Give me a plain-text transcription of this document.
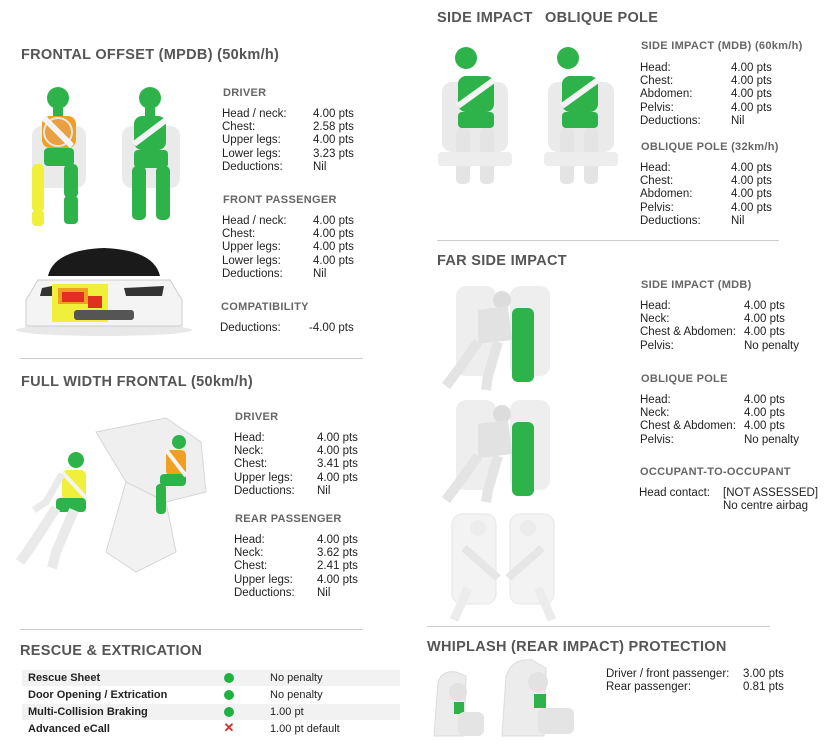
FRONTAL OFFSET (MPDB) (50km/h)
DRIVER
Head / neck:	4.00 pts
Chest:	2.58 pts
Upper legs:	4.00 pts
Lower legs:	3.23 pts
Deductions:	Nil
FRONT PASSENGER
Head / neck:	4.00 pts
Chest:	4.00 pts
Upper legs:	4.00 pts
Lower legs:	4.00 pts
Deductions:	Nil
COMPATIBILITY
Deductions:	-4.00 pts
FULL WIDTH FRONTAL (50km/h)
DRIVER
Head:	4.00 pts
Neck:	4.00 pts
Chest:	3.41 pts
Upper legs:	4.00 pts
Deductions:	Nil
REAR PASSENGER
Head:	4.00 pts
Neck:	3.62 pts
Chest:	2.41 pts
Upper legs:	4.00 pts
Deductions:	Nil
RESCUE & EXTRICATION
Rescue Sheet		No penalty
Door Opening / Extrication		No penalty
Multi-Collision Braking		1.00 pt
Advanced eCall	✕	1.00 pt default
SIDE IMPACT OBLIQUE POLE
SIDE IMPACT (MDB) (60km/h)
Head:	4.00 pts
Chest:	4.00 pts
Abdomen:	4.00 pts
Pelvis:	4.00 pts
Deductions:	Nil
OBLIQUE POLE (32km/h)
Head:	4.00 pts
Chest:	4.00 pts
Abdomen:	4.00 pts
Pelvis:	4.00 pts
Deductions:	Nil
FAR SIDE IMPACT
SIDE IMPACT (MDB)
Head:	4.00 pts
Neck:	4.00 pts
Chest & Abdomen: 4.00 pts
Pelvis:	No penalty
OBLIQUE POLE
Head:	4.00 pts
Neck:	4.00 pts
Chest & Abdomen: 4.00 pts
Pelvis:	No penalty
OCCUPANT-TO-OCCUPANT
Head contact:	[NOT ASSESSED]
No centre airbag
WHIPLASH (REAR IMPACT) PROTECTION
Driver / front passenger:	3.00 pts
Rear passenger:	0.81 pts
